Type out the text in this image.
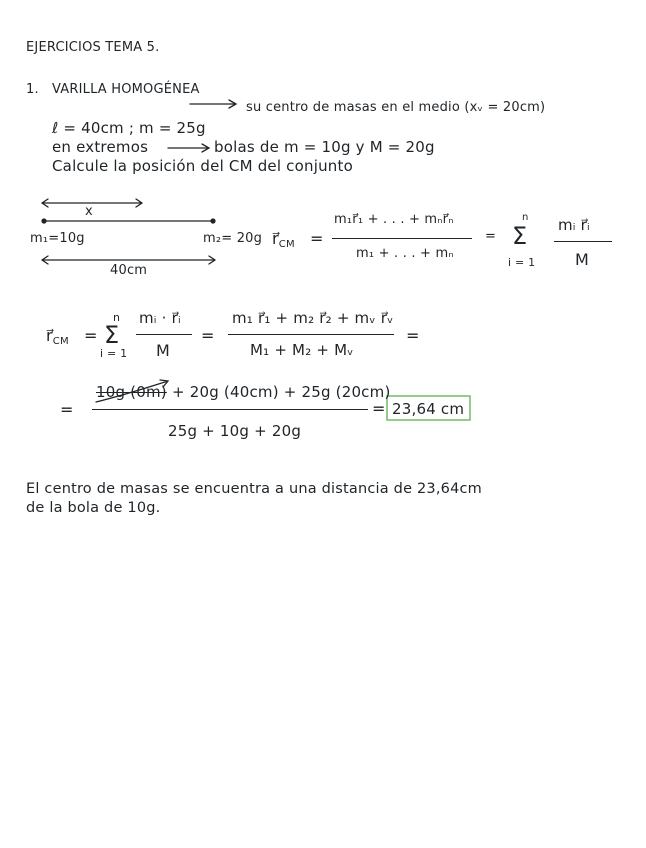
EJERCICIOS TEMA 5.
1. VARILLA HOMOGÉNEA
su centro de masas en el medio (xᵥ = 20cm)
ℓ = 40cm ; m = 25g
en extremos	bolas de m = 10g y M = 20g
Calcule la posición del CM del conjunto
x
m₁=10g	m₂= 20g
40cm
$r⃗_{CM}$ =
m₁r⃗₁ + . . . + mₙr⃗ₙ
m₁ + . . . + mₙ
=
n
Σ
i = 1
mᵢ r⃗ᵢ
M
$r⃗_{CM}$ =
n
Σ
i = 1
mᵢ · r⃗ᵢ
M
=
m₁ r⃗₁ + m₂ r⃗₂ + mᵥ r⃗ᵥ
M₁ + M₂ + Mᵥ
=
=
10g (0m) + 20g (40cm) + 25g (20cm)
25g + 10g + 20g
= 23,64 cm
El centro de masas se encuentra a una distancia de 23,64cm
de la bola de 10g.
